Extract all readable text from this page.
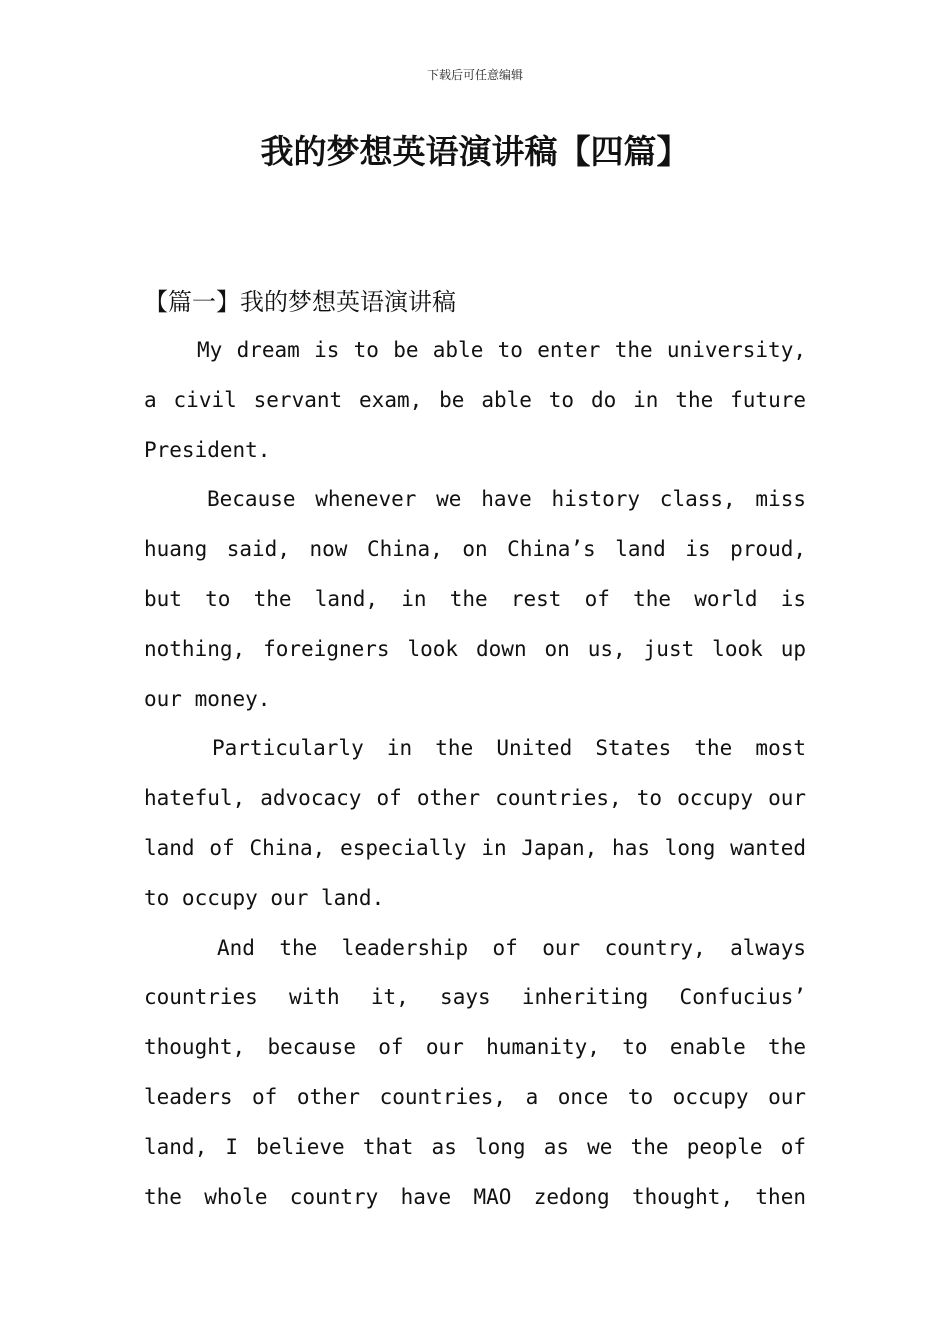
下载后可任意编辑
我的梦想英语演讲稿【四篇】
【篇一】我的梦想英语演讲稿
My dream is to be able to enter the university,
a civil servant exam, be able to do in the future
President.
Because whenever we have history class, miss
huang said, now China, on China’s land is proud,
but to the land, in the rest of the world is
nothing, foreigners look down on us, just look up
our money.
Particularly in the United States the most
hateful, advocacy of other countries, to occupy our
land of China, especially in Japan, has long wanted
to occupy our land.
And the leadership of our country, always
countries with it, says inheriting Confucius’
thought, because of our humanity, to enable the
leaders of other countries, a once to occupy our
land, I believe that as long as we the people of
the whole country have MAO zedong thought, then
